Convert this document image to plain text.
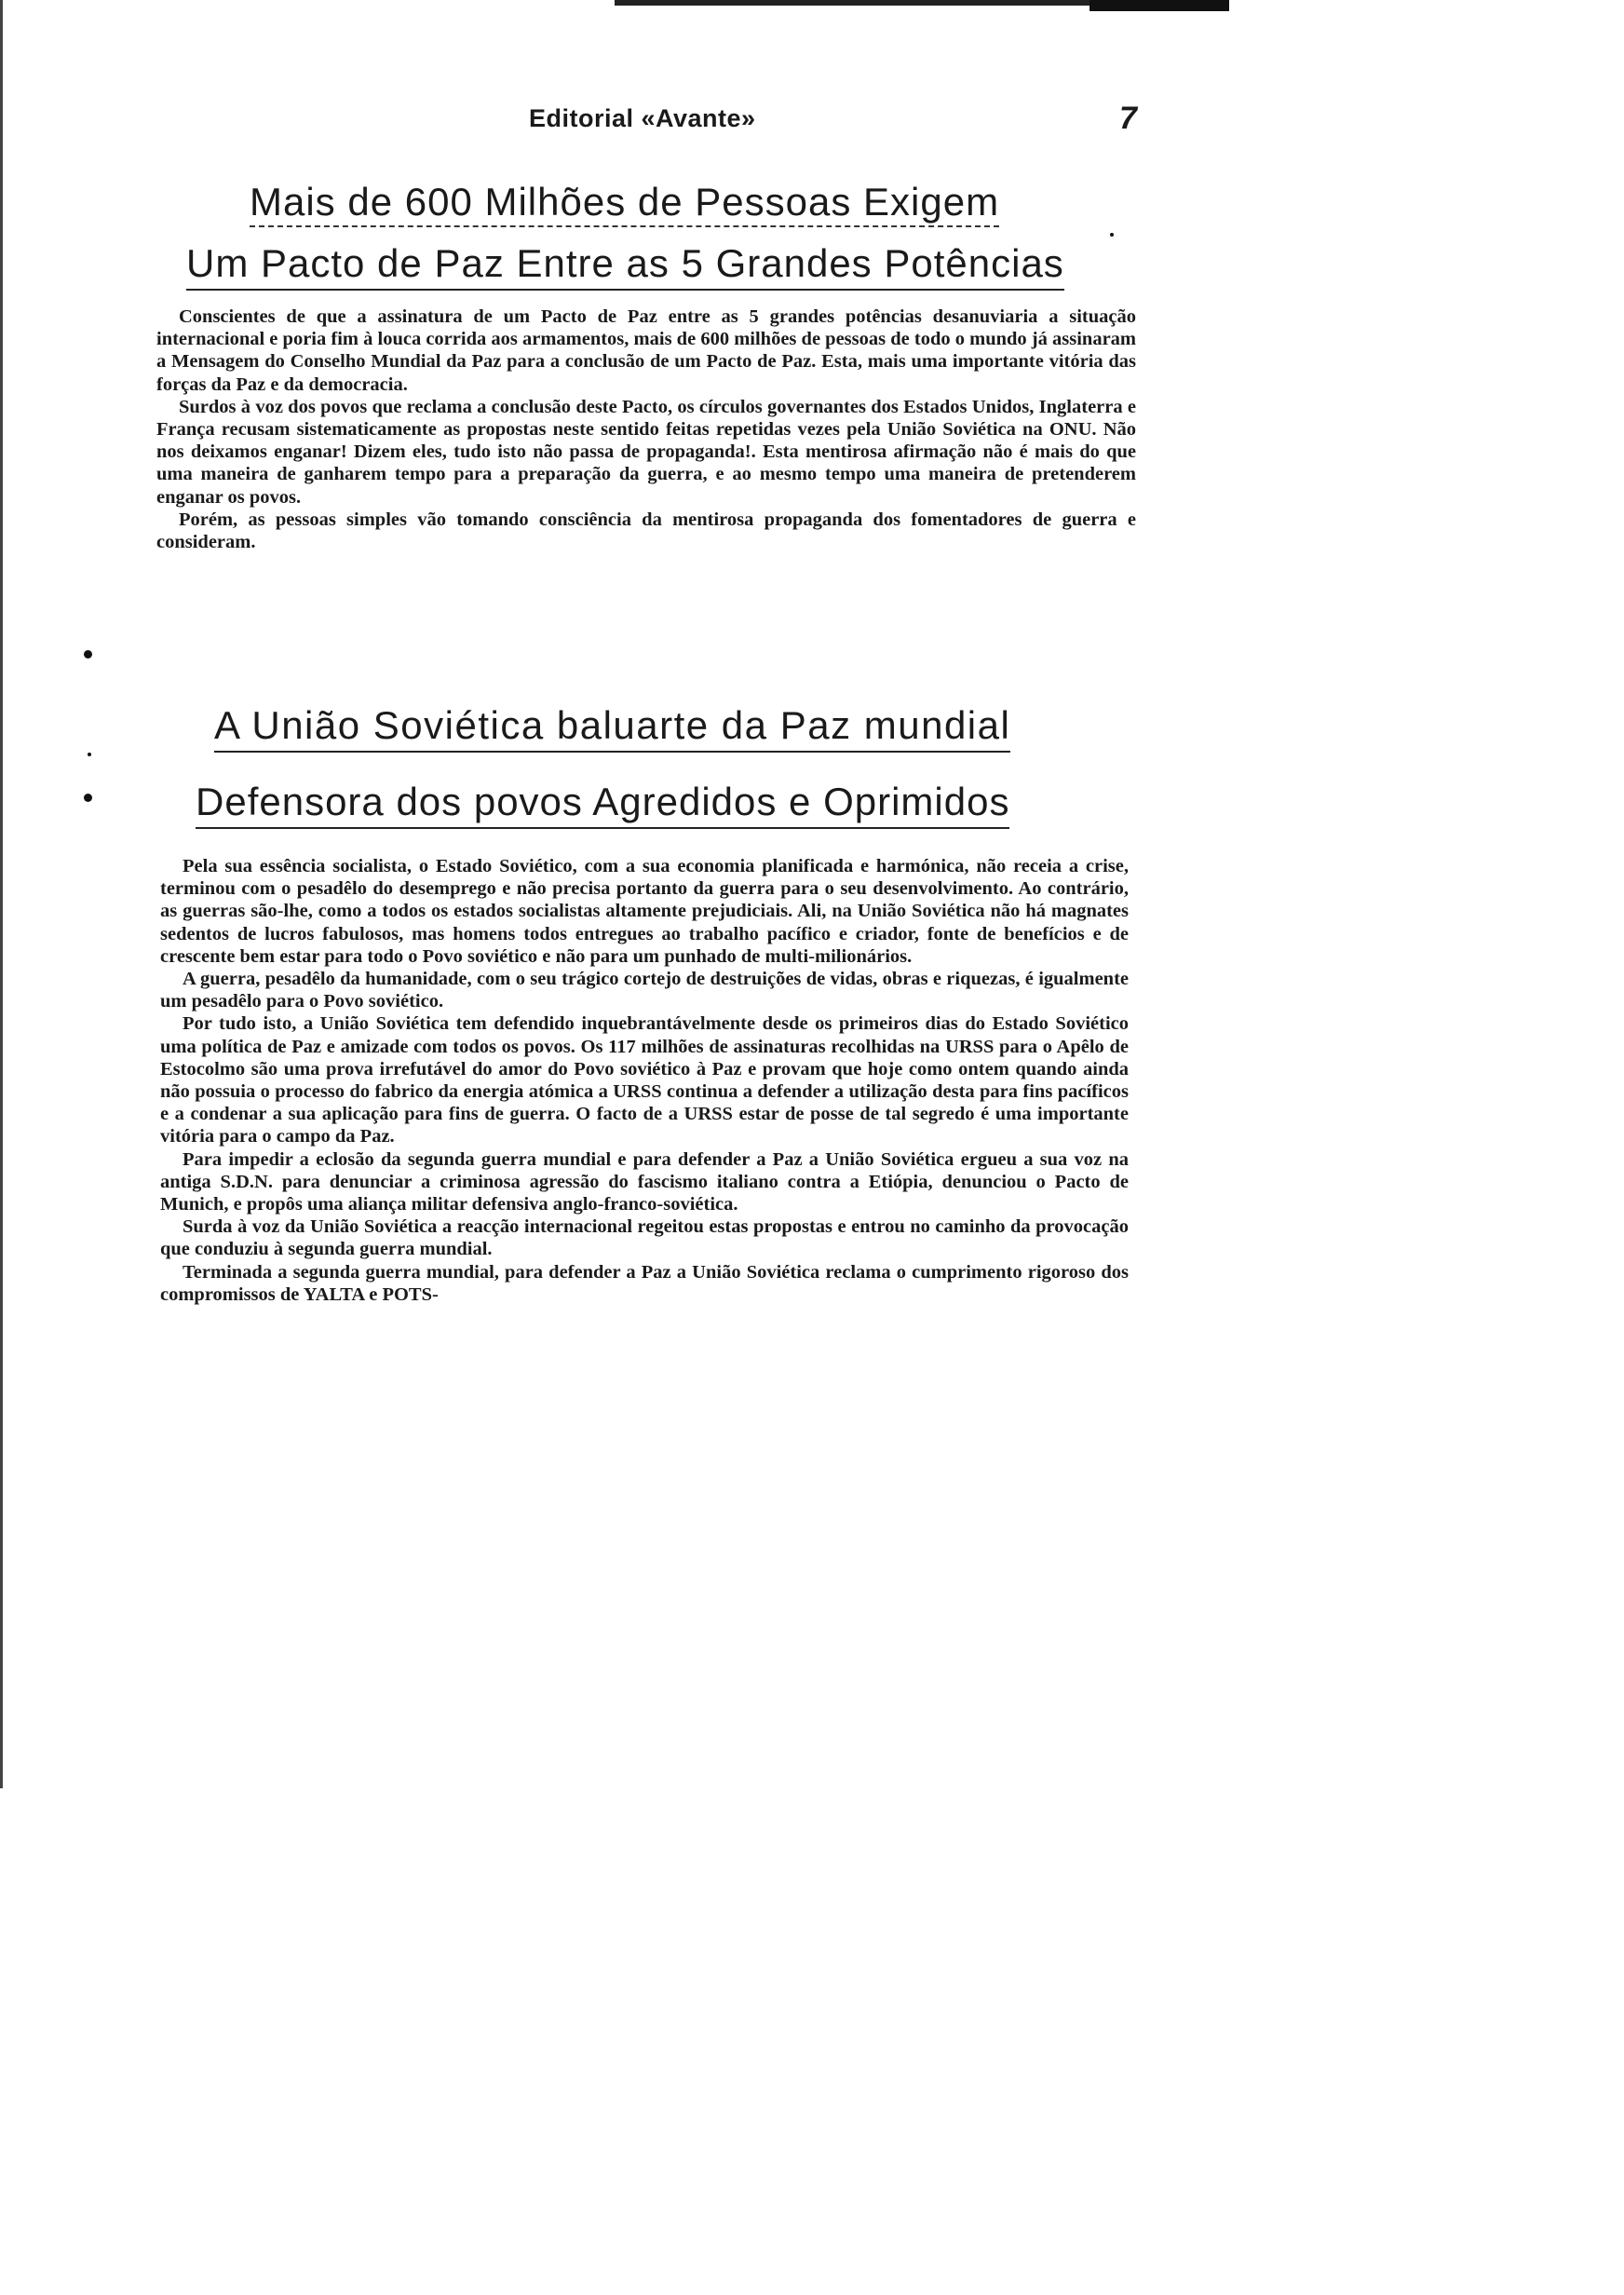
Editorial «Avante»	7
Mais de 600 Milhões de Pessoas Exigem
Um Pacto de Paz Entre as 5 Grandes Potências

Conscientes de que a assinatura de um Pacto de Paz entre as 5 grandes potências desanuviaria a situação internacional e poria fim à louca corrida aos armamentos, mais de 600 milhões de pessoas de todo o mundo já assinaram a Mensagem do Conselho Mundial da Paz para a conclusão de um Pacto de Paz. Esta, mais uma importante vitória das forças da Paz e da democracia.

Surdos à voz dos povos que reclama a conclusão deste Pacto, os círculos governantes dos Estados Unidos, Inglaterra e França recusam sistematicamente as propostas neste sentido feitas repetidas vezes pela União Soviética na ONU. Não nos deixamos enganar! Dizem eles, tudo isto não passa de propaganda!. Esta mentirosa afirmação não é mais do que uma maneira de ganharem tempo para a preparação da guerra, e ao mesmo tempo uma maneira de pretenderem enganar os povos.

Porém, as pessoas simples vão tomando consciência da mentirosa propaganda dos fomentadores de guerra e consideram.

A União Soviética baluarte da Paz mundial
Defensora dos povos Agredidos e Oprimidos

Pela sua essência socialista, o Estado Soviético, com a sua economia planificada e harmónica, não receia a crise, terminou com o pesadêlo do desemprego e não precisa portanto da guerra para o seu desenvolvimento. Ao contrário, as guerras são-lhe, como a todos os estados socialistas altamente prejudiciais. Ali, na União Soviética não há magnates sedentos de lucros fabulosos, mas homens todos entregues ao trabalho pacífico e criador, fonte de benefícios e de crescente bem estar para todo o Povo soviético e não para um punhado de multi-milionários.

A guerra, pesadêlo da humanidade, com o seu trágico cortejo de destruições de vidas, obras e riquezas, é igualmente um pesadêlo para o Povo soviético.

Por tudo isto, a União Soviética tem defendido inquebrantávelmente desde os primeiros dias do Estado Soviético uma política de Paz e amizade com todos os povos. Os 117 milhões de assinaturas recolhidas na URSS para o Apêlo de Estocolmo são uma prova irrefutável do amor do Povo soviético à Paz e provam que hoje como ontem quando ainda não possuia o processo do fabrico da energia atómica a URSS continua a defender a utilização desta para fins pacíficos e a condenar a sua aplicação para fins de guerra. O facto de a URSS estar de posse de tal segredo é uma importante vitória para o campo da Paz.

Para impedir a eclosão da segunda guerra mundial e para defender a Paz a União Soviética ergueu a sua voz na antiga S.D.N. para denunciar a criminosa agressão do fascismo italiano contra a Etiópia, denunciou o Pacto de Munich, e propôs uma aliança militar defensiva anglo-franco-soviética.

Surda à voz da União Soviética a reacção internacional regeitou estas propostas e entrou no caminho da provocação que conduziu à segunda guerra mundial.

Terminada a segunda guerra mundial, para defender a Paz a União Soviética reclama o cumprimento rigoroso dos compromissos de YALTA e POTS-
